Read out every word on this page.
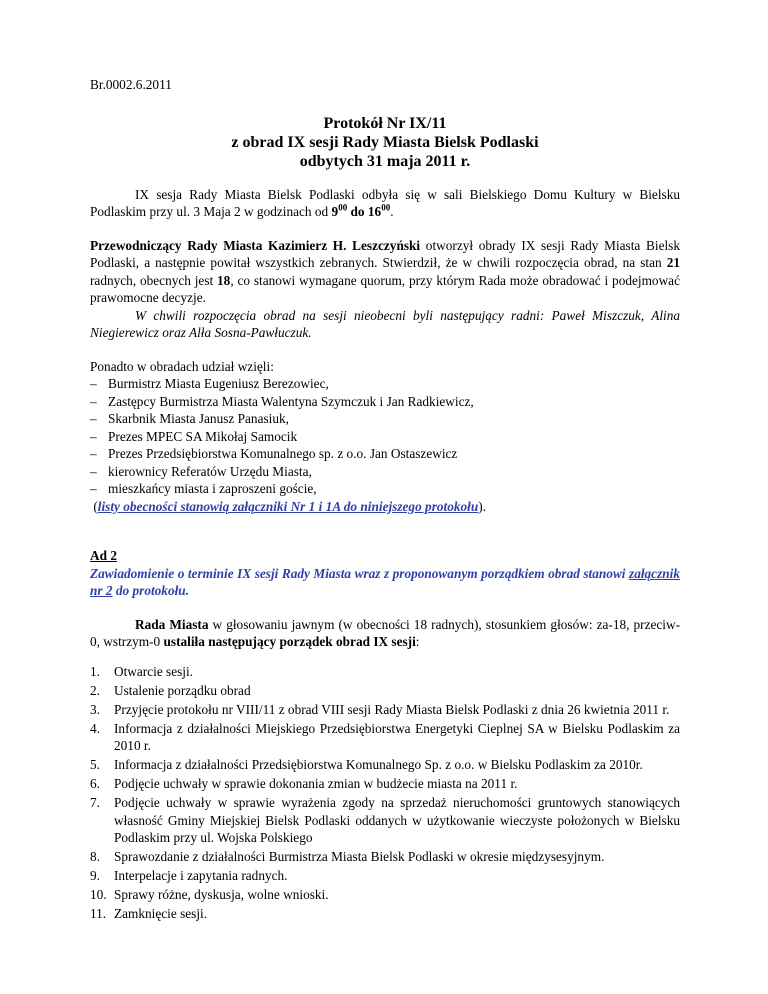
Br.0002.6.2011
Protokół Nr IX/11
z obrad IX sesji Rady Miasta Bielsk Podlaski
odbytych 31 maja 2011 r.

IX sesja Rady Miasta Bielsk Podlaski odbyła się w sali Bielskiego Domu Kultury w Bielsku Podlaskim przy ul. 3 Maja 2 w godzinach od $9^{00}$ do $16^{00}$.

Przewodniczący Rady Miasta Kazimierz H. Leszczyński otworzył obrady IX sesji Rady Miasta Bielsk Podlaski, a następnie powitał wszystkich zebranych. Stwierdził, że w chwili rozpoczęcia obrad, na stan 21 radnych, obecnych jest 18, co stanowi wymagane quorum, przy którym Rada może obradować i podejmować prawomocne decyzje.

W chwili rozpoczęcia obrad na sesji nieobecni byli następujący radni: Paweł Miszczuk, Alina Niegierewicz oraz Alła Sosna-Pawłuczuk.

Ponadto w obradach udział wzięli:

– Burmistrz Miasta Eugeniusz Berezowiec,
– Zastępcy Burmistrza Miasta Walentyna Szymczuk i Jan Radkiewicz,
– Skarbnik Miasta Janusz Panasiuk,
– Prezes MPEC SA Mikołaj Samocik
– Prezes Przedsiębiorstwa Komunalnego sp. z o.o. Jan Ostaszewicz
– kierownicy Referatów Urzędu Miasta,
– mieszkańcy miasta i zaproszeni goście,

(listy obecności stanowią załączniki Nr 1 i 1A do niniejszego protokołu).

Ad 2

Zawiadomienie o terminie IX sesji Rady Miasta wraz z proponowanym porządkiem obrad stanowi załącznik nr 2 do protokołu.

Rada Miasta w głosowaniu jawnym (w obecności 18 radnych), stosunkiem głosów: za-18, przeciw-0, wstrzym-0 ustaliła następujący porządek obrad IX sesji:

1. Otwarcie sesji.
2. Ustalenie porządku obrad
3. Przyjęcie protokołu nr VIII/11 z obrad VIII sesji Rady Miasta Bielsk Podlaski z dnia 26 kwietnia 2011 r.
4. Informacja z działalności Miejskiego Przedsiębiorstwa Energetyki Cieplnej SA w Bielsku Podlaskim za 2010 r.
5. Informacja z działalności Przedsiębiorstwa Komunalnego Sp. z o.o. w Bielsku Podlaskim za 2010r.
6. Podjęcie uchwały w sprawie dokonania zmian w budżecie miasta na 2011 r.
7. Podjęcie uchwały w sprawie wyrażenia zgody na sprzedaż nieruchomości gruntowych stanowiących własność Gminy Miejskiej Bielsk Podlaski oddanych w użytkowanie wieczyste położonych w Bielsku Podlaskim przy ul. Wojska Polskiego
8. Sprawozdanie z działalności Burmistrza Miasta Bielsk Podlaski w okresie międzysesyjnym.
9. Interpelacje i zapytania radnych.
10. Sprawy różne, dyskusja, wolne wnioski.
11. Zamknięcie sesji.
